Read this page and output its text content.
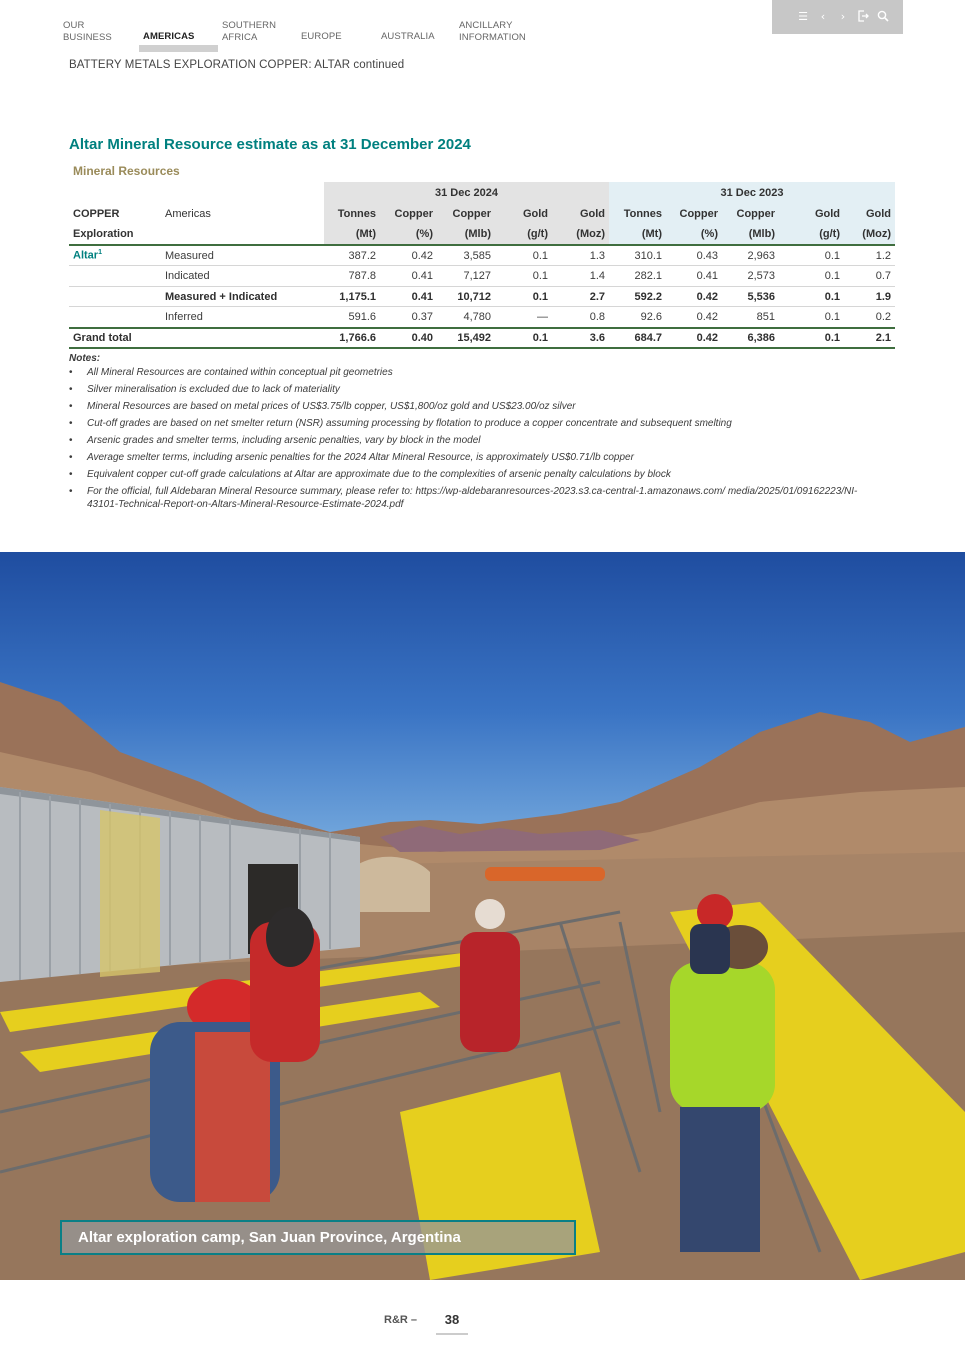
OUR
BUSINESS	AMERICAS
SOUTHERN
AFRICA	EUROPE	AUSTRALIA
ANCILLARY
INFORMATION
☰	‹	›
BATTERY METALS EXPLORATION COPPER: ALTAR continued
Altar Mineral Resource estimate as at 31 December 2024
Mineral Resources
31 Dec 2024	31 Dec 2023
COPPER	Americas	Tonnes	Copper	Copper	Gold	Gold	Tonnes	Copper	Copper	Gold	Gold
Exploration		(Mt)	(%)	(Mlb)	(g/t)	(Moz)	(Mt)	(%)	(Mlb)	(g/t)	(Moz)
Altar$^1$	Measured	387.2	0.42	3,585	0.1	1.3	310.1	0.43	2,963	0.1	1.2
	Indicated	787.8	0.41	7,127	0.1	1.4	282.1	0.41	2,573	0.1	0.7
	Measured + Indicated	1,175.1	0.41	10,712	0.1	2.7	592.2	0.42	5,536	0.1	1.9
	Inferred	591.6	0.37	4,780	—	0.8	92.6	0.42	851	0.1	0.2
Grand total		1,766.6	0.40	15,492	0.1	3.6	684.7	0.42	6,386	0.1	2.1
Notes:
• All Mineral Resources are contained within conceptual pit geometries
• Silver mineralisation is excluded due to lack of materiality
• Mineral Resources are based on metal prices of US$3.75/lb copper, US$1,800/oz gold and US$23.00/oz silver
• Cut-off grades are based on net smelter return (NSR) assuming processing by flotation to produce a copper concentrate and subsequent smelting
• Arsenic grades and smelter terms, including arsenic penalties, vary by block in the model
• Average smelter terms, including arsenic penalties for the 2024 Altar Mineral Resource, is approximately US$0.71/lb copper
• Equivalent copper cut-off grade calculations at Altar are approximate due to the complexities of arsenic penalty calculations by block
• For the official, full Aldebaran Mineral Resource summary, please refer to: https://wp-aldebaranresources-2023.s3.ca-central-1.amazonaws.com/ media/2025/01/09162223/NI-43101-Technical-Report-on-Altars-Mineral-Resource-Estimate-2024.pdf
Altar exploration camp, San Juan Province, Argentina
R&R –	38
